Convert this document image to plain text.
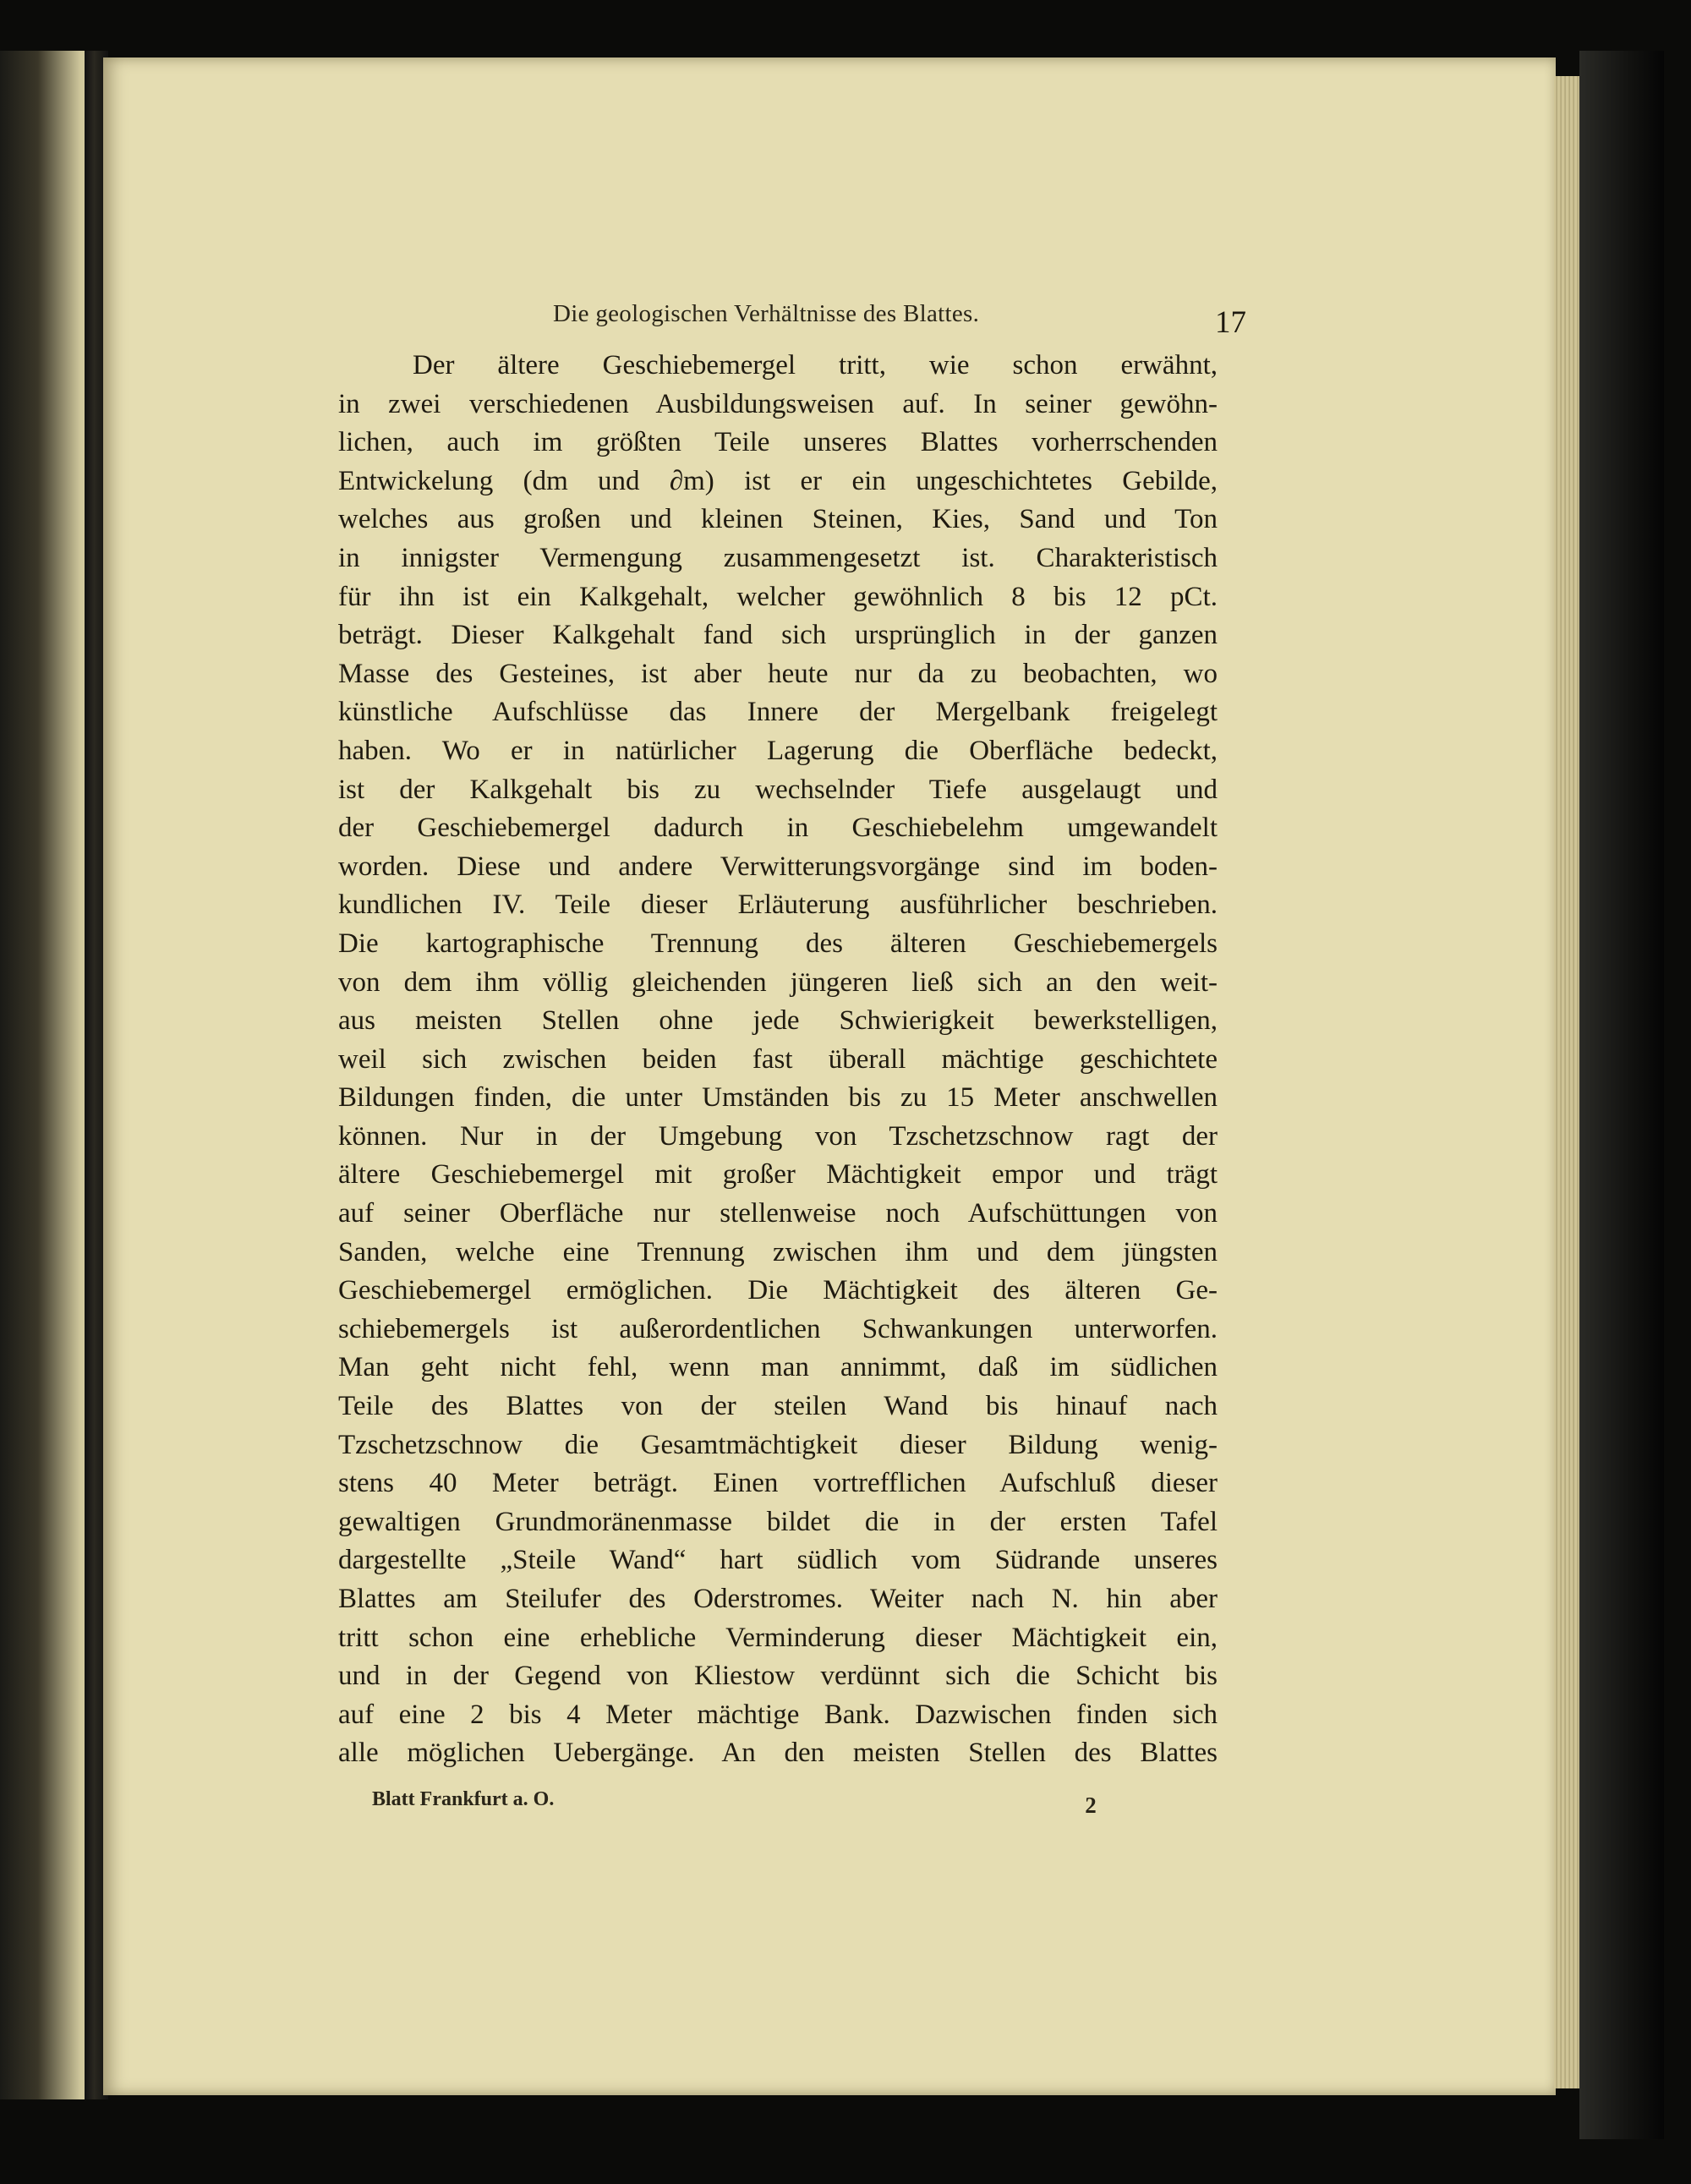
Die geologischen Verhältnisse des Blattes.	17
Der ältere Geschiebemergel tritt, wie schon erwähnt,
in zwei verschiedenen Ausbildungsweisen auf. In seiner gewöhn-
lichen, auch im größten Teile unseres Blattes vorherrschenden
Entwickelung (dm und ∂m) ist er ein ungeschichtetes Gebilde,
welches aus großen und kleinen Steinen, Kies, Sand und Ton
in innigster Vermengung zusammengesetzt ist. Charakteristisch
für ihn ist ein Kalkgehalt, welcher gewöhnlich 8 bis 12 pCt.
beträgt. Dieser Kalkgehalt fand sich ursprünglich in der ganzen
Masse des Gesteines, ist aber heute nur da zu beobachten, wo
künstliche Aufschlüsse das Innere der Mergelbank freigelegt
haben. Wo er in natürlicher Lagerung die Oberfläche bedeckt,
ist der Kalkgehalt bis zu wechselnder Tiefe ausgelaugt und
der Geschiebemergel dadurch in Geschiebelehm umgewandelt
worden. Diese und andere Verwitterungsvorgänge sind im boden-
kundlichen IV. Teile dieser Erläuterung ausführlicher beschrieben.
Die kartographische Trennung des älteren Geschiebemergels
von dem ihm völlig gleichenden jüngeren ließ sich an den weit-
aus meisten Stellen ohne jede Schwierigkeit bewerkstelligen,
weil sich zwischen beiden fast überall mächtige geschichtete
Bildungen finden, die unter Umständen bis zu 15 Meter anschwellen
können. Nur in der Umgebung von Tzschetzschnow ragt der
ältere Geschiebemergel mit großer Mächtigkeit empor und trägt
auf seiner Oberfläche nur stellenweise noch Aufschüttungen von
Sanden, welche eine Trennung zwischen ihm und dem jüngsten
Geschiebemergel ermöglichen. Die Mächtigkeit des älteren Ge-
schiebemergels ist außerordentlichen Schwankungen unterworfen.
Man geht nicht fehl, wenn man annimmt, daß im südlichen
Teile des Blattes von der steilen Wand bis hinauf nach
Tzschetzschnow die Gesamtmächtigkeit dieser Bildung wenig-
stens 40 Meter beträgt. Einen vortrefflichen Aufschluß dieser
gewaltigen Grundmoränenmasse bildet die in der ersten Tafel
dargestellte „Steile Wand“ hart südlich vom Südrande unseres
Blattes am Steilufer des Oderstromes. Weiter nach N. hin aber
tritt schon eine erhebliche Verminderung dieser Mächtigkeit ein,
und in der Gegend von Kliestow verdünnt sich die Schicht bis
auf eine 2 bis 4 Meter mächtige Bank. Dazwischen finden sich
alle möglichen Uebergänge. An den meisten Stellen des Blattes
Blatt Frankfurt a. O.	2
